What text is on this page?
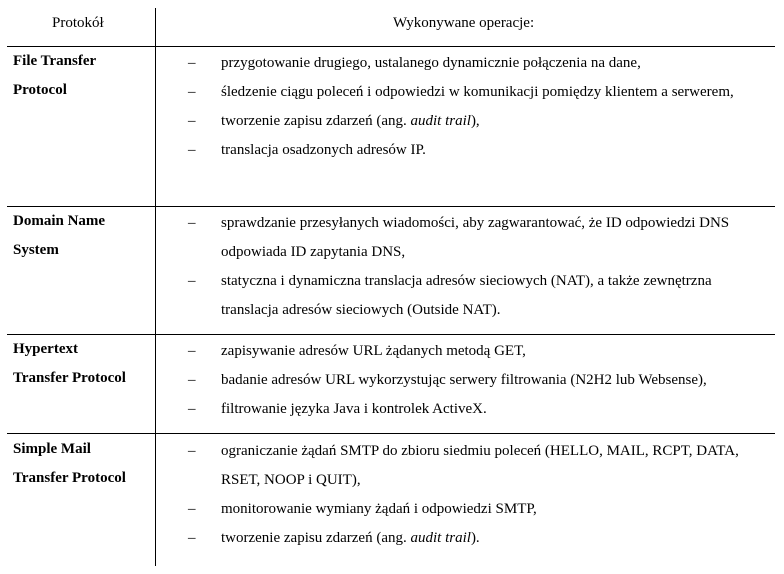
Protokół	Wykonywane operacje:
File Transfer
Protocol
– przygotowanie drugiego, ustalanego dynamicznie połączenia na dane,
– śledzenie ciągu poleceń i odpowiedzi w komunikacji pomiędzy klientem a serwerem,
– tworzenie zapisu zdarzeń (ang. audit trail),
– translacja osadzonych adresów IP.
Domain Name
System
– sprawdzanie przesyłanych wiadomości, aby zagwarantować, że ID odpowiedzi DNS odpowiada ID zapytania DNS,
– statyczna i dynamiczna translacja adresów sieciowych (NAT), a także zewnętrzna translacja adresów sieciowych (Outside NAT).
Hypertext
Transfer Protocol
– zapisywanie adresów URL żądanych metodą GET,
– badanie adresów URL wykorzystując serwery filtrowania (N2H2 lub Websense),
– filtrowanie języka Java i kontrolek ActiveX.
Simple Mail
Transfer Protocol
– ograniczanie żądań SMTP do zbioru siedmiu poleceń (HELLO, MAIL, RCPT, DATA, RSET, NOOP i QUIT),
– monitorowanie wymiany żądań i odpowiedzi SMTP,
– tworzenie zapisu zdarzeń (ang. audit trail).
